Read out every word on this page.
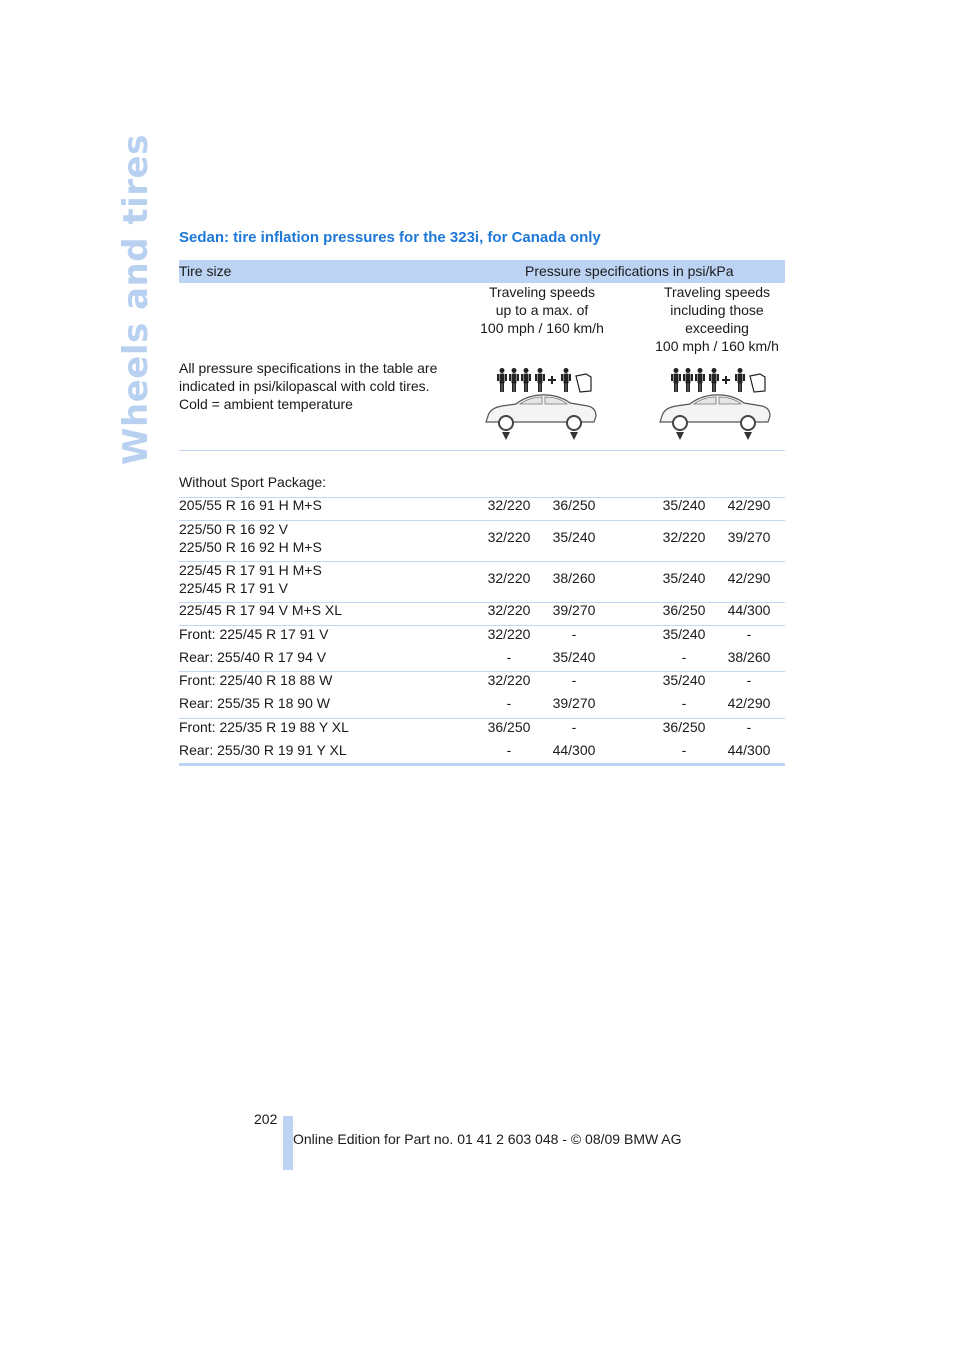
Wheels and tires	Sedan: tire inflation pressures for the 323i, for Canada only
Tire size	Pressure specifications in psi/kPa
Traveling speeds
up to a max. of
100 mph / 160 km/h
Traveling speeds
including those
exceeding
100 mph / 160 km/h
All pressure specifications in the table are
indicated in psi/kilopascal with cold tires.
Cold = ambient temperature
Without Sport Package:
205/55 R 16 91 H M+S	32/220	36/250	35/240	42/290
225/50 R 16 92 V
225/50 R 16 92 H M+S
32/220	35/240	32/220	39/270
225/45 R 17 91 H M+S
225/45 R 17 91 V
32/220	38/260	35/240	42/290
225/45 R 17 94 V M+S XL	32/220	39/270	36/250	44/300
Front: 225/45 R 17 91 V	32/220	-	35/240	-
Rear: 255/40 R 17 94 V	-	35/240	-	38/260
Front: 225/40 R 18 88 W	32/220	-	35/240	-
Rear: 255/35 R 18 90 W	-	39/270	-	42/290
Front: 225/35 R 19 88 Y XL	36/250	-	36/250	-
Rear: 255/30 R 19 91 Y XL	-	44/300	-	44/300
202
Online Edition for Part no. 01 41 2 603 048 - © 08/09 BMW AG
